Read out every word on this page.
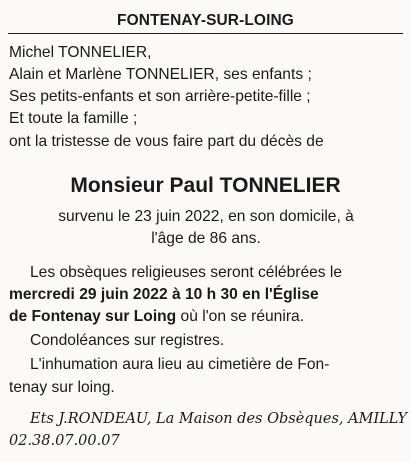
FONTENAY-SUR-LOING
Michel TONNELIER,
Alain et Marlène TONNELIER, ses enfants ;
Ses petits-enfants et son arrière-petite-fille ;
Et toute la famille ;
ont la tristesse de vous faire part du décès de
Monsieur Paul TONNELIER
survenu le 23 juin 2022, en son domicile, à
l'âge de 86 ans.
Les obsèques religieuses seront célébrées le
mercredi 29 juin 2022 à 10 h 30 en l'Église
de Fontenay sur Loing où l'on se réunira.
Condoléances sur registres.
L'inhumation aura lieu au cimetière de Fon-
tenay sur loing.
Ets J.RONDEAU, La Maison des Obsèques, AMILLY
02.38.07.00.07
